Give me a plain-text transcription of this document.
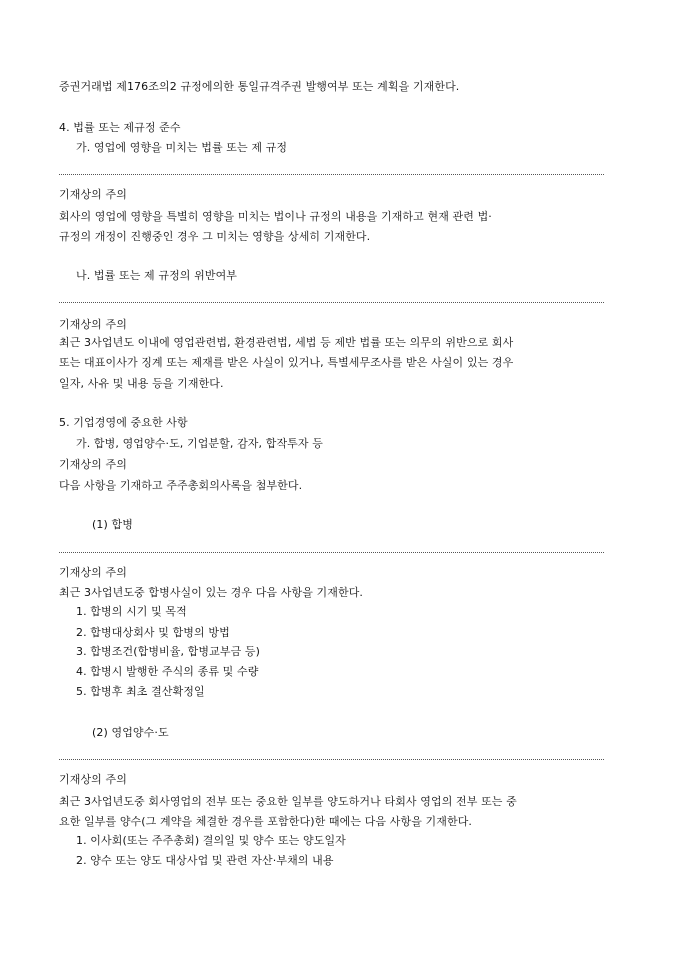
증권거래법 제176조의2 규정에의한 통일규격주권 발행여부 또는 계획을 기재한다.
4. 법률 또는 제규정 준수
가. 영업에 영향을 미치는 법률 또는 제 규정
기재상의 주의
회사의 영업에 영향을 특별히 영향을 미치는 법이나 규정의 내용을 기재하고 현재 관련 법·
규정의 개정이 진행중인 경우 그 미치는 영향을 상세히 기재한다.
나. 법률 또는 제 규정의 위반여부
기재상의 주의
최근 3사업년도 이내에 영업관련법, 환경관련법, 세법 등 제반 법률 또는 의무의 위반으로 회사
또는 대표이사가 징계 또는 제재를 받은 사실이 있거나, 특별세무조사를 받은 사실이 있는 경우
일자, 사유 및 내용 등을 기재한다.
5. 기업경영에 중요한 사항
가. 합병, 영업양수·도, 기업분할, 감자, 합작투자 등
기재상의 주의
다음 사항을 기재하고 주주총회의사록을 첨부한다.
(1) 합병
기재상의 주의
최근 3사업년도중 합병사실이 있는 경우 다음 사항을 기재한다.
1. 합병의 시기 및 목적
2. 합병대상회사 및 합병의 방법
3. 합병조건(합병비율, 합병교부금 등)
4. 합병시 발행한 주식의 종류 및 수량
5. 합병후 최초 결산확정일
(2) 영업양수·도
기재상의 주의
최근 3사업년도중 회사영업의 전부 또는 중요한 일부를 양도하거나 타회사 영업의 전부 또는 중
요한 일부를 양수(그 계약을 체결한 경우를 포함한다)한 때에는 다음 사항을 기재한다.
1. 이사회(또는 주주총회) 결의일 및 양수 또는 양도일자
2. 양수 또는 양도 대상사업 및 관련 자산·부채의 내용
